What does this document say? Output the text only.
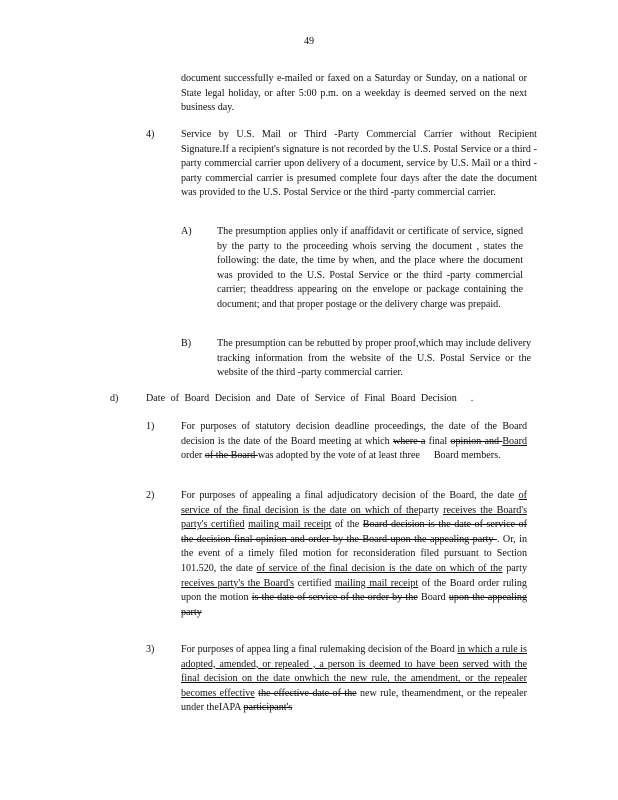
49
document successfully e-mailed or faxed on a Saturday or Sunday, on a national or State legal holiday, or after 5:00 p.m. on a weekday is deemed served on the next business day.
4)	Service by U.S. Mail or Third -Party Commercial Carrier without Recipient Signature.If a recipient's signature is not recorded by the U.S. Postal Service or a third -party commercial carrier upon delivery of a document, service by U.S. Mail or a third -party commercial carrier is presumed complete four days after the date the document was provided to the U.S. Postal Service or the third -party commercial carrier.
A)	The presumption applies only if anaffidavit or certificate of service, signed by the party to the proceeding whois serving the document , states the following: the date, the time by when, and the place where the document was provided to the U.S. Postal Service or the third -party commercial carrier; theaddress appearing on the envelope or package containing the document; and that proper postage or the delivery charge was prepaid.
B)	The presumption can be rebutted by proper proof,which may include delivery tracking information from the website of the U.S. Postal Service or the website of the third -party commercial carrier.
d)	Date of Board Decision and Date of Service of Final Board Decision .
1)	For purposes of statutory decision deadline proceedings, the date of the Board decision is the date of the Board meeting at which where a final opinion and Board order of the Board was adopted by the vote of at least three Board members.
2)	For purposes of appealing a final adjudicatory decision of the Board, the date of service of the final decision is the date on which of theparty receives the Board's party's certified mailing mail receipt of the Board decision is the date of service of the decision final opinion and order by the Board upon the appealing party . Or, in the event of a timely filed motion for reconsideration filed pursuant to Section 101.520, the date of service of the final decision is the date on which of the party receives party's the Board's certified mailing mail receipt of the Board order ruling upon the motion is the date of service of the order by the Board upon the appealing party
3)	For purposes of appea ling a final rulemaking decision of the Board in which a rule is adopted, amended, or repealed , a person is deemed to have been served with the final decision on the date onwhich the new rule, the amendment, or the repealer becomes effective the effective date of the new rule, theamendment, or the repealer under theIAPA participant's
